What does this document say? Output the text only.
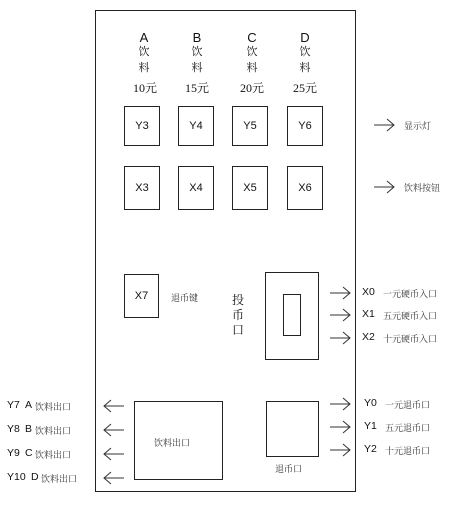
A	B	C	D
饮	饮	饮	饮
料	料	料	料
10元	15元	20元	25元
Y3	Y4	Y5	Y6
X3	X4	X5	X6
显示灯
饮料按钮
X7	退币键	投
币
口
X0 一元硬币入口
X1 五元硬币入口
X2 十元硬币入口
饮料出口
退币口
Y0 一元退币口
Y1 五元退币口
Y2 十元退币口
Y7 A 饮料出口
Y8 B 饮料出口
Y9 C 饮料出口
Y10 D 饮料出口
